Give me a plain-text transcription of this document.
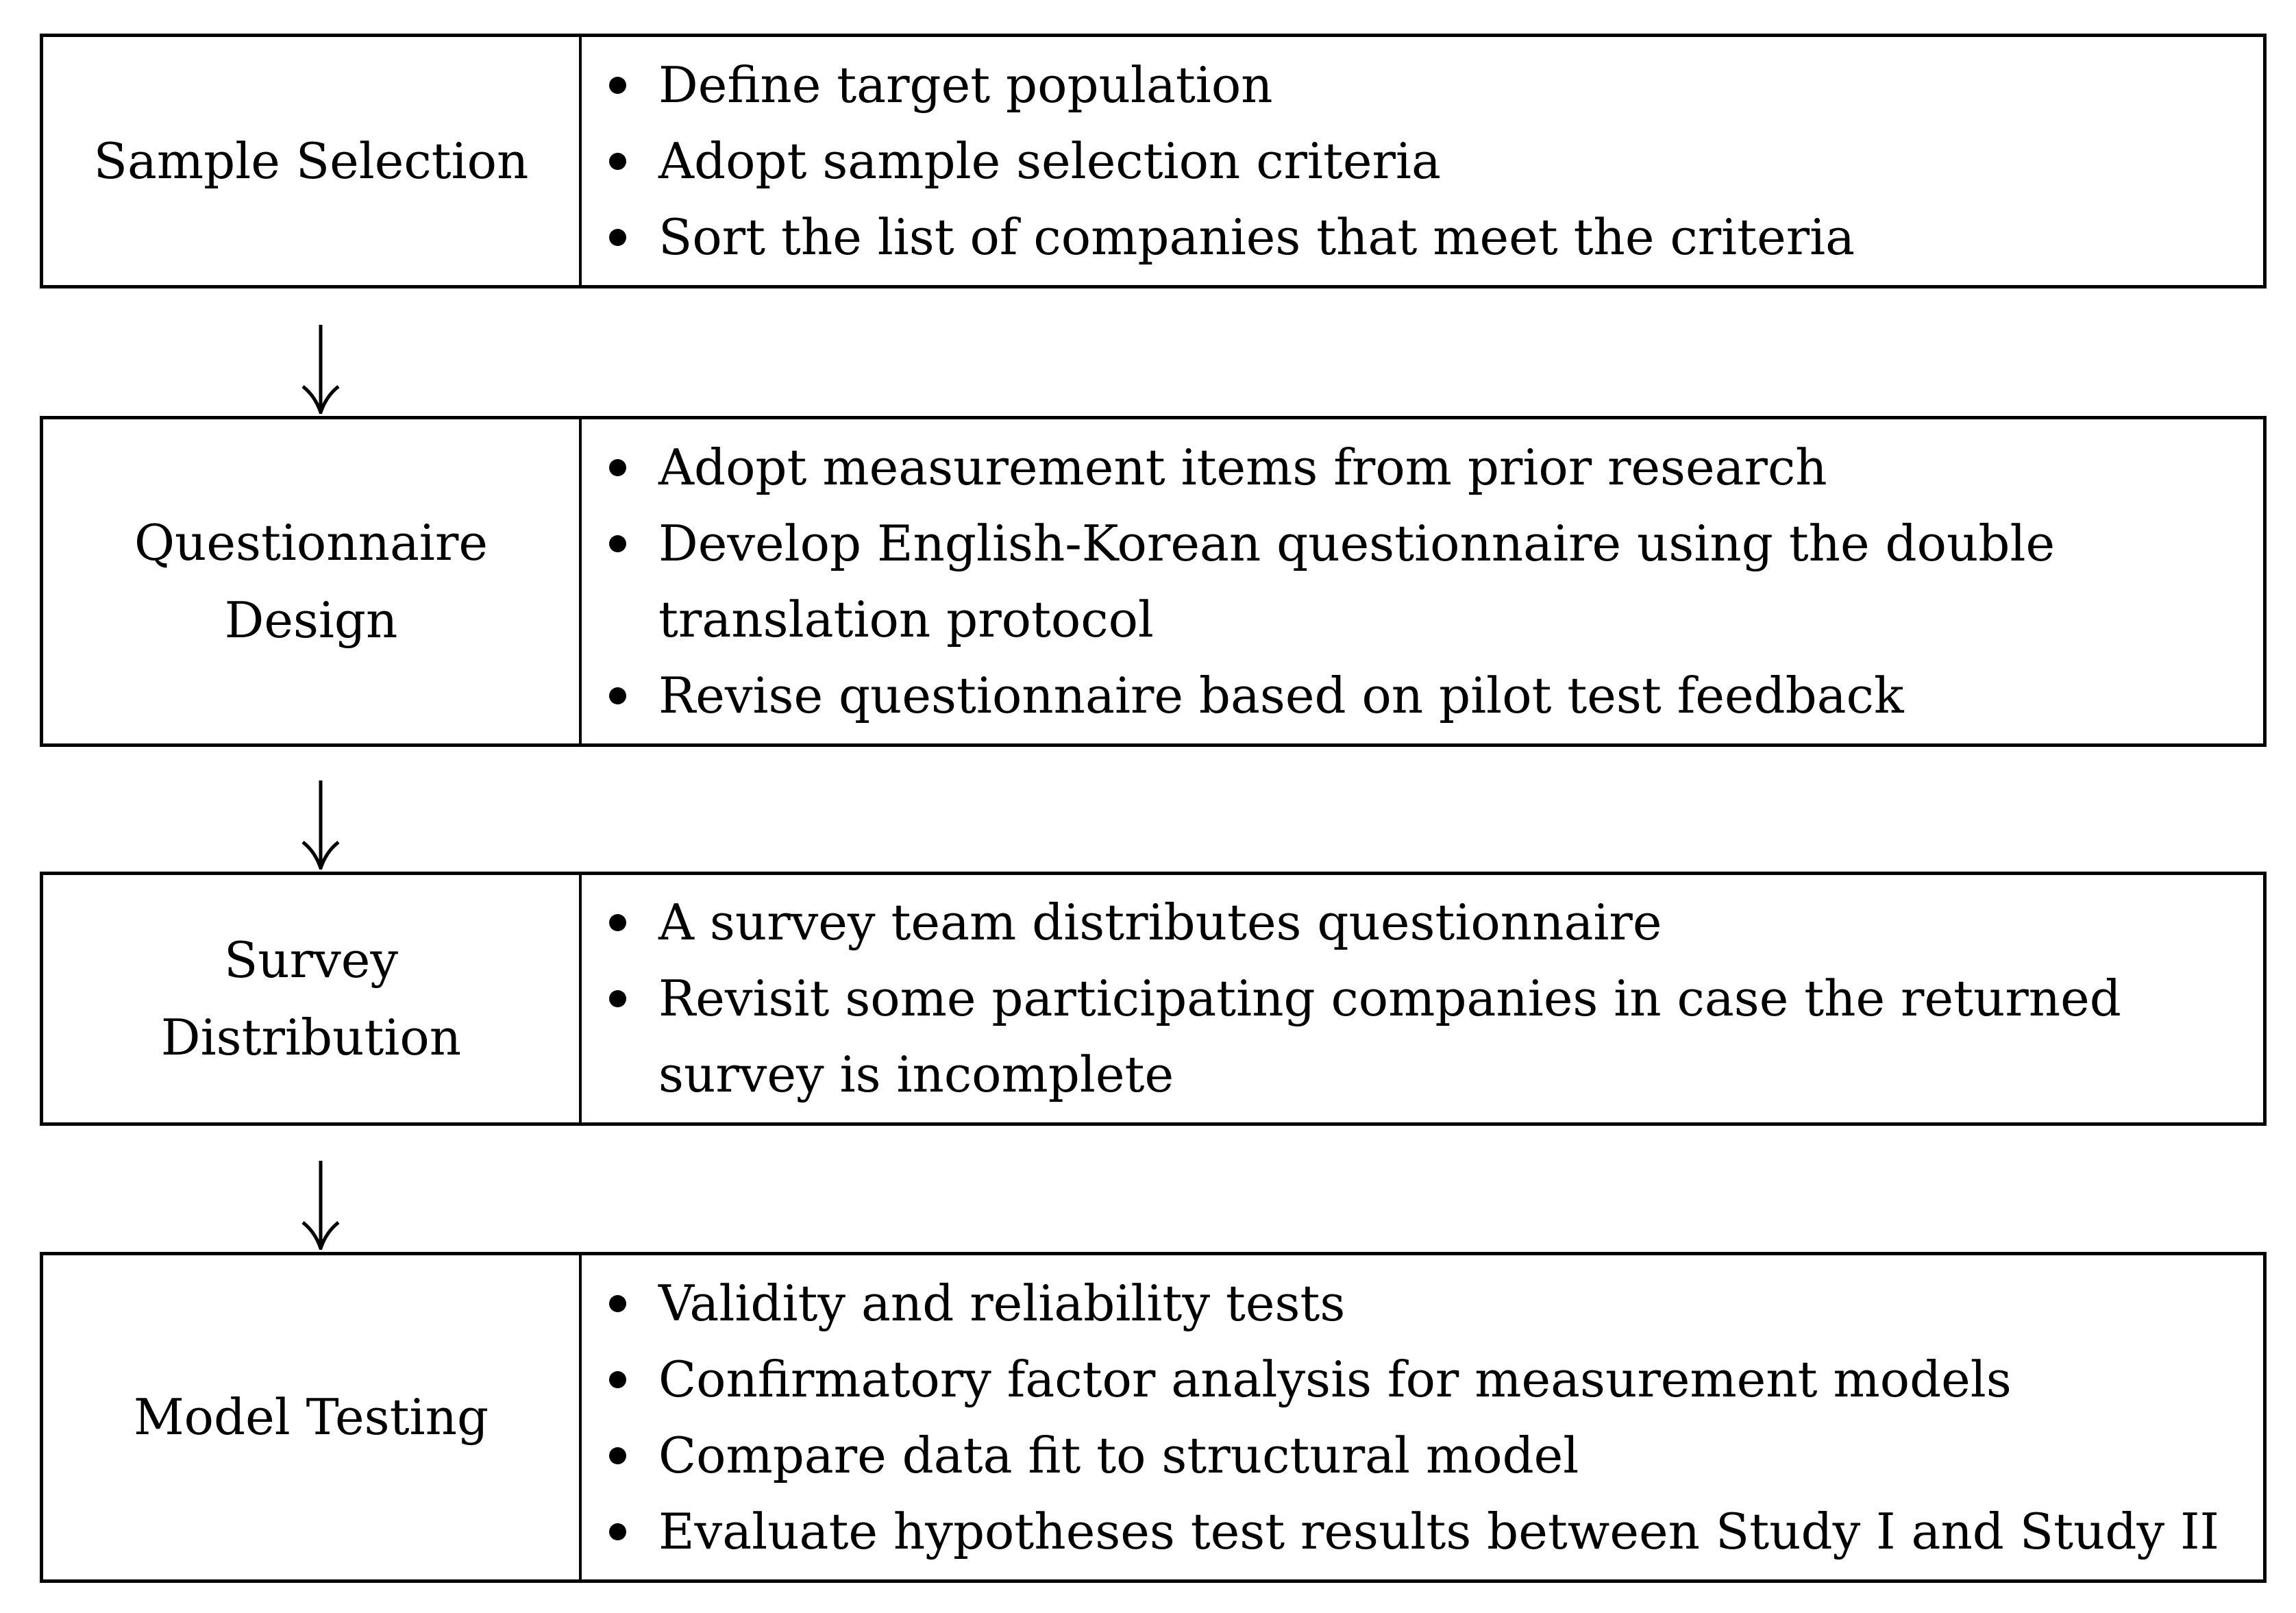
Sample Selection
Define target population
Adopt sample selection criteria
Sort the list of companies that meet the criteria
Questionnaire Design
Adopt measurement items from prior research
Develop English-Korean questionnaire using the double translation protocol
Revise questionnaire based on pilot test feedback
Survey Distribution
A survey team distributes questionnaire
Revisit some participating companies in case the returned survey is incomplete
Model Testing
Validity and reliability tests
Confirmatory factor analysis for measurement models
Compare data fit to structural model
Evaluate hypotheses test results between Study I and Study II
